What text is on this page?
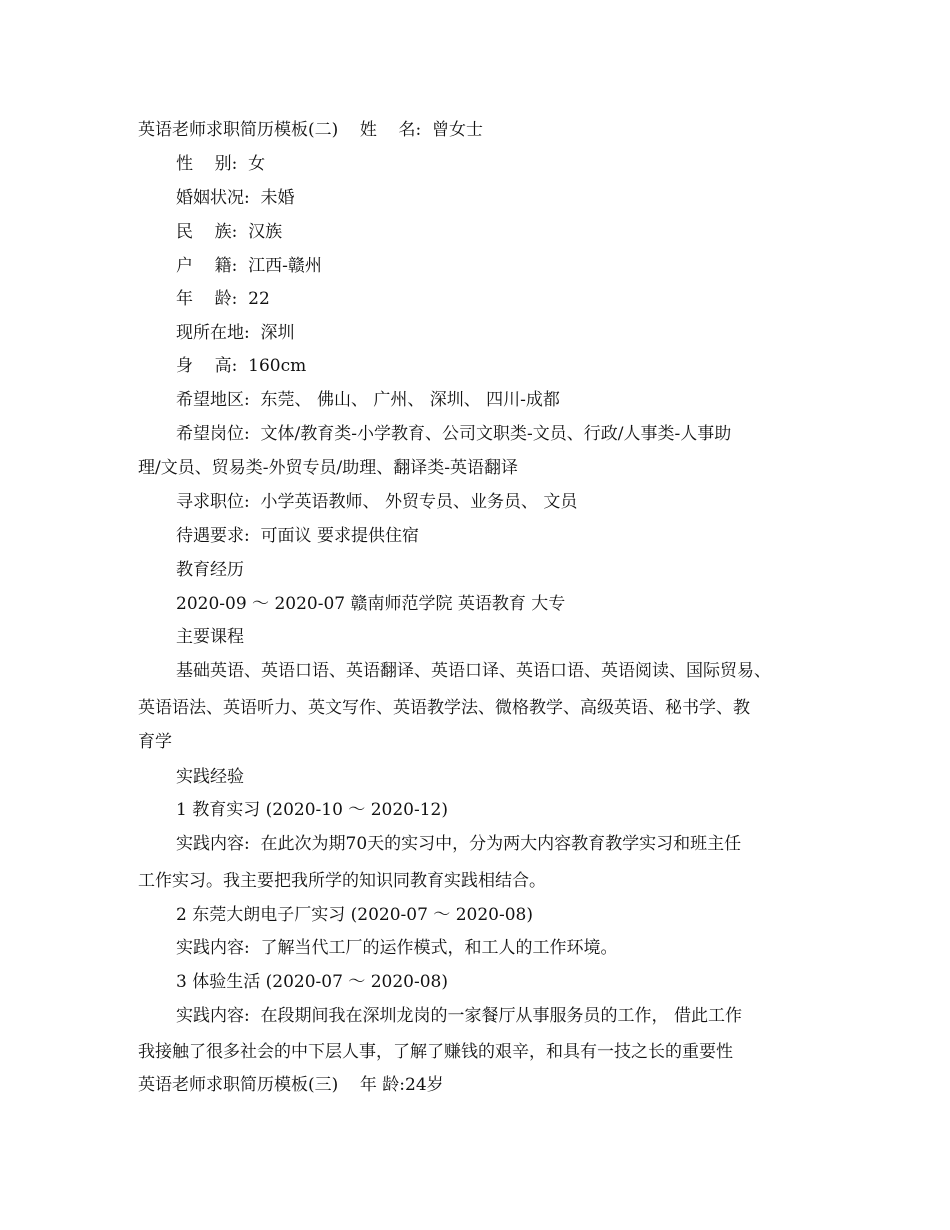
英语老师求职简历模板(二)    姓    名:  曾女士
性    别:  女
婚姻状况:  未婚
民    族:  汉族
户    籍:  江西-赣州
年    龄:  22
现所在地:  深圳
身    高:  160cm
希望地区:  东莞、 佛山、 广州、 深圳、 四川-成都
希望岗位:  文体/教育类-小学教育、公司文职类-文员、行政/人事类-人事助
理/文员、贸易类-外贸专员/助理、翻译类-英语翻译
寻求职位:  小学英语教师、 外贸专员、业务员、 文员
待遇要求:  可面议 要求提供住宿
教育经历
2020-09 ～ 2020-07 赣南师范学院 英语教育 大专
主要课程
基础英语、英语口语、英语翻译、英语口译、英语口语、英语阅读、国际贸易、
英语语法、英语听力、英文写作、英语教学法、微格教学、高级英语、秘书学、教
育学
实践经验
1 教育实习 (2020-10 ～ 2020-12)
实践内容:  在此次为期70天的实习中，分为两大内容教育教学实习和班主任
工作实习。我主要把我所学的知识同教育实践相结合。
2 东莞大朗电子厂实习 (2020-07 ～ 2020-08)
实践内容:  了解当代工厂的运作模式，和工人的工作环境。
3 体验生活 (2020-07 ～ 2020-08)
实践内容:  在段期间我在深圳龙岗的一家餐厅从事服务员的工作， 借此工作
我接触了很多社会的中下层人事，了解了赚钱的艰辛，和具有一技之长的重要性
英语老师求职简历模板(三)    年 龄:24岁
